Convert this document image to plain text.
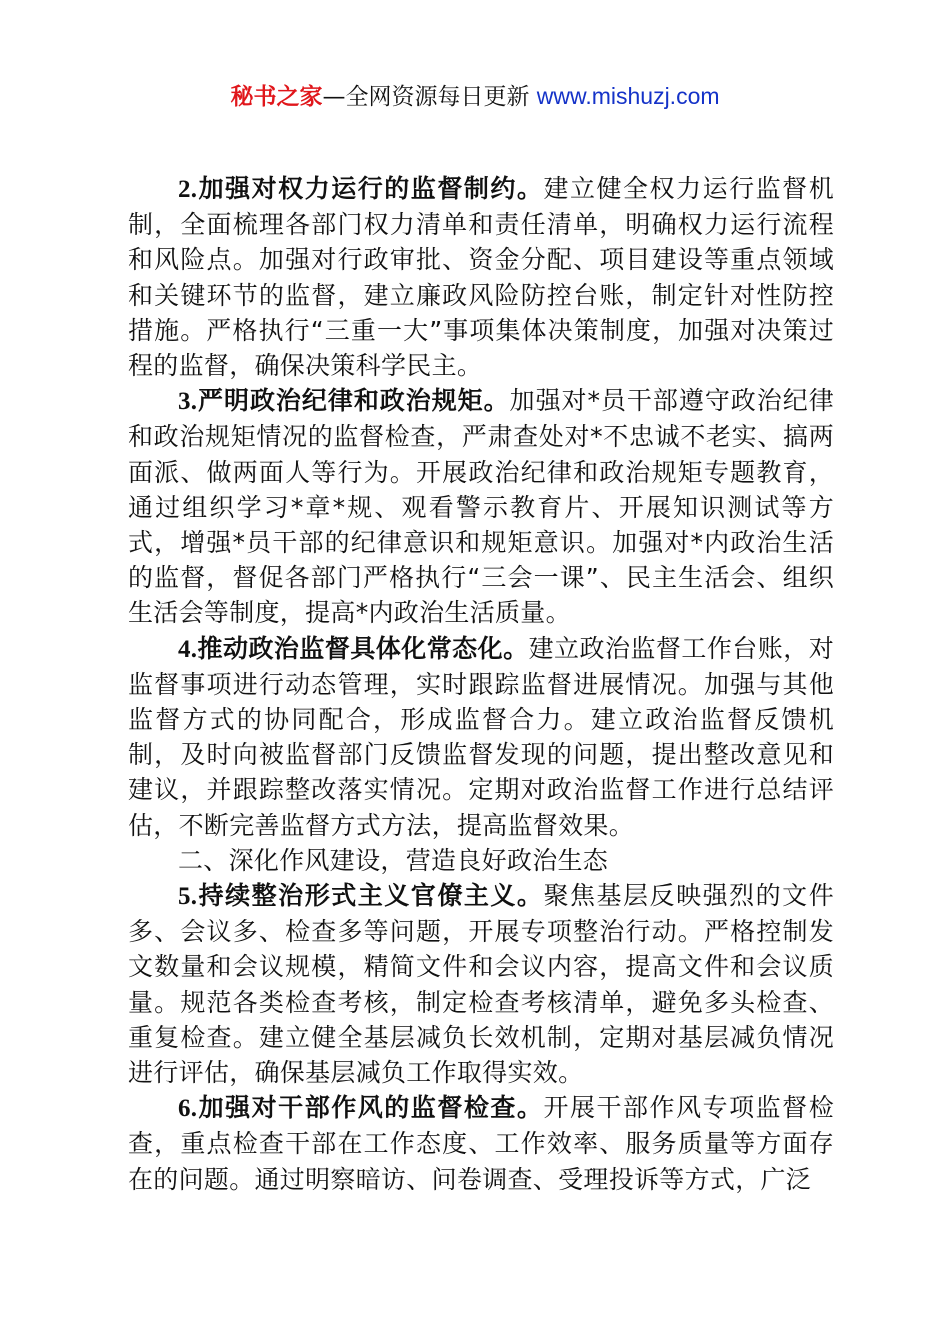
秘书之家—全网资源每日更新 www.mishuzj.com

2.加强对权力运行的监督制约。建立健全权力运行监督机制，全面梳理各部门权力清单和责任清单，明确权力运行流程和风险点。加强对行政审批、资金分配、项目建设等重点领域和关键环节的监督，建立廉政风险防控台账，制定针对性防控措施。严格执行“三重一大”事项集体决策制度，加强对决策过程的监督，确保决策科学民主。

3.严明政治纪律和政治规矩。加强对*员干部遵守政治纪律和政治规矩情况的监督检查，严肃查处对*不忠诚不老实、搞两面派、做两面人等行为。开展政治纪律和政治规矩专题教育，通过组织学习*章*规、观看警示教育片、开展知识测试等方式，增强*员干部的纪律意识和规矩意识。加强对*内政治生活的监督，督促各部门严格执行“三会一课”、民主生活会、组织生活会等制度，提高*内政治生活质量。

4.推动政治监督具体化常态化。建立政治监督工作台账，对监督事项进行动态管理，实时跟踪监督进展情况。加强与其他监督方式的协同配合，形成监督合力。建立政治监督反馈机制，及时向被监督部门反馈监督发现的问题，提出整改意见和建议，并跟踪整改落实情况。定期对政治监督工作进行总结评估，不断完善监督方式方法，提高监督效果。

二、深化作风建设，营造良好政治生态

5.持续整治形式主义官僚主义。聚焦基层反映强烈的文件多、会议多、检查多等问题，开展专项整治行动。严格控制发文数量和会议规模，精简文件和会议内容，提高文件和会议质量。规范各类检查考核，制定检查考核清单，避免多头检查、重复检查。建立健全基层减负长效机制，定期对基层减负情况进行评估，确保基层减负工作取得实效。

6.加强对干部作风的监督检查。开展干部作风专项监督检查，重点检查干部在工作态度、工作效率、服务质量等方面存在的问题。通过明察暗访、问卷调查、受理投诉等方式，广泛
